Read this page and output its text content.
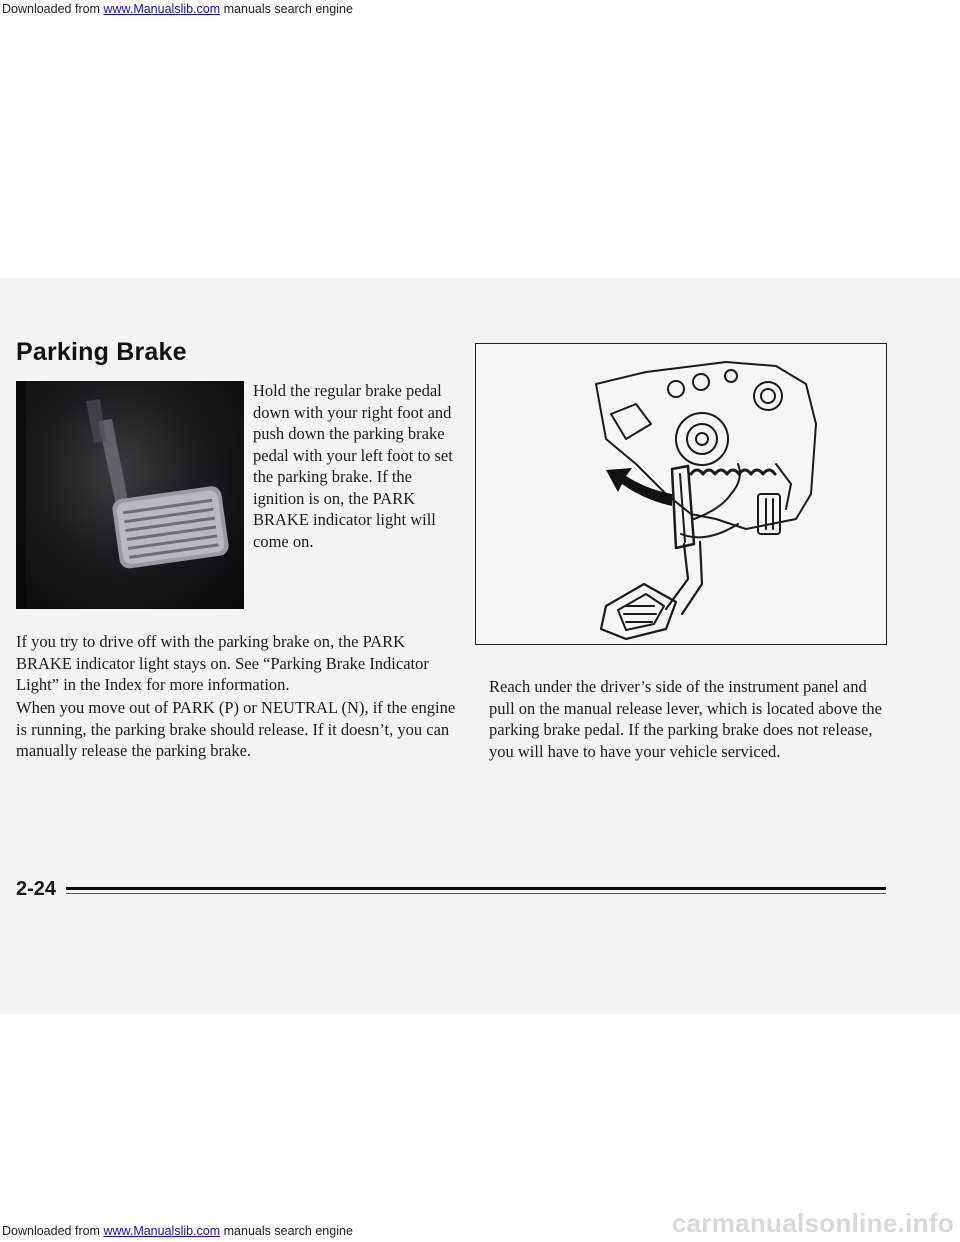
Downloaded from www.Manualslib.com manuals search engine

Parking Brake

Hold the regular brake pedal down with your right foot and push down the parking brake pedal with your left foot to set the parking brake. If the ignition is on, the PARK BRAKE indicator light will come on.

If you try to drive off with the parking brake on, the PARK BRAKE indicator light stays on. See “Parking Brake Indicator Light” in the Index for more information.

When you move out of PARK (P) or NEUTRAL (N), if the engine is running, the parking brake should release. If it doesn’t, you can manually release the parking brake.

Reach under the driver’s side of the instrument panel and pull on the manual release lever, which is located above the parking brake pedal. If the parking brake does not release, you will have to have your vehicle serviced.

2-24

Downloaded from www.Manualslib.com manuals search engine	carmanualsonline.info
